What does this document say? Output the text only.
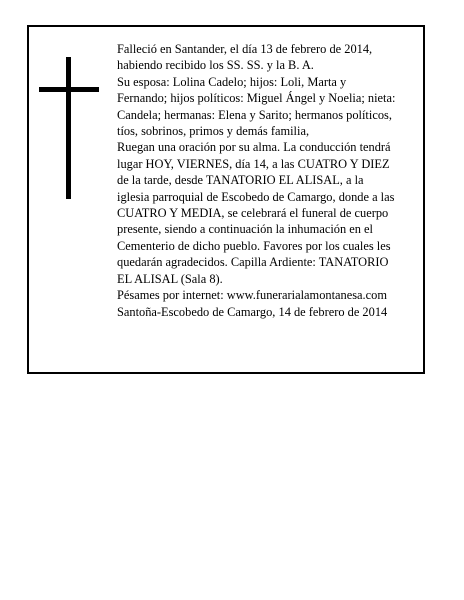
Falleció en Santander, el día 13 de febrero de 2014,

habiendo recibido los SS. SS. y la B. A.

Su esposa: Lolina Cadelo; hijos: Loli, Marta y

Fernando; hijos políticos: Miguel Ángel y Noelia; nieta:

Candela; hermanas: Elena y Sarito; hermanos políticos,

tíos, sobrinos, primos y demás familia,

Ruegan una oración por su alma. La conducción tendrá

lugar HOY, VIERNES, día 14, a las CUATRO Y DIEZ

de la tarde, desde TANATORIO EL ALISAL, a la

iglesia parroquial de Escobedo de Camargo, donde a las

CUATRO Y MEDIA, se celebrará el funeral de cuerpo

presente, siendo a continuación la inhumación en el

Cementerio de dicho pueblo. Favores por los cuales les

quedarán agradecidos. Capilla Ardiente: TANATORIO

EL ALISAL (Sala 8).

Pésames por internet: www.funerarialamontanesa.com

Santoña-Escobedo de Camargo, 14 de febrero de 2014
